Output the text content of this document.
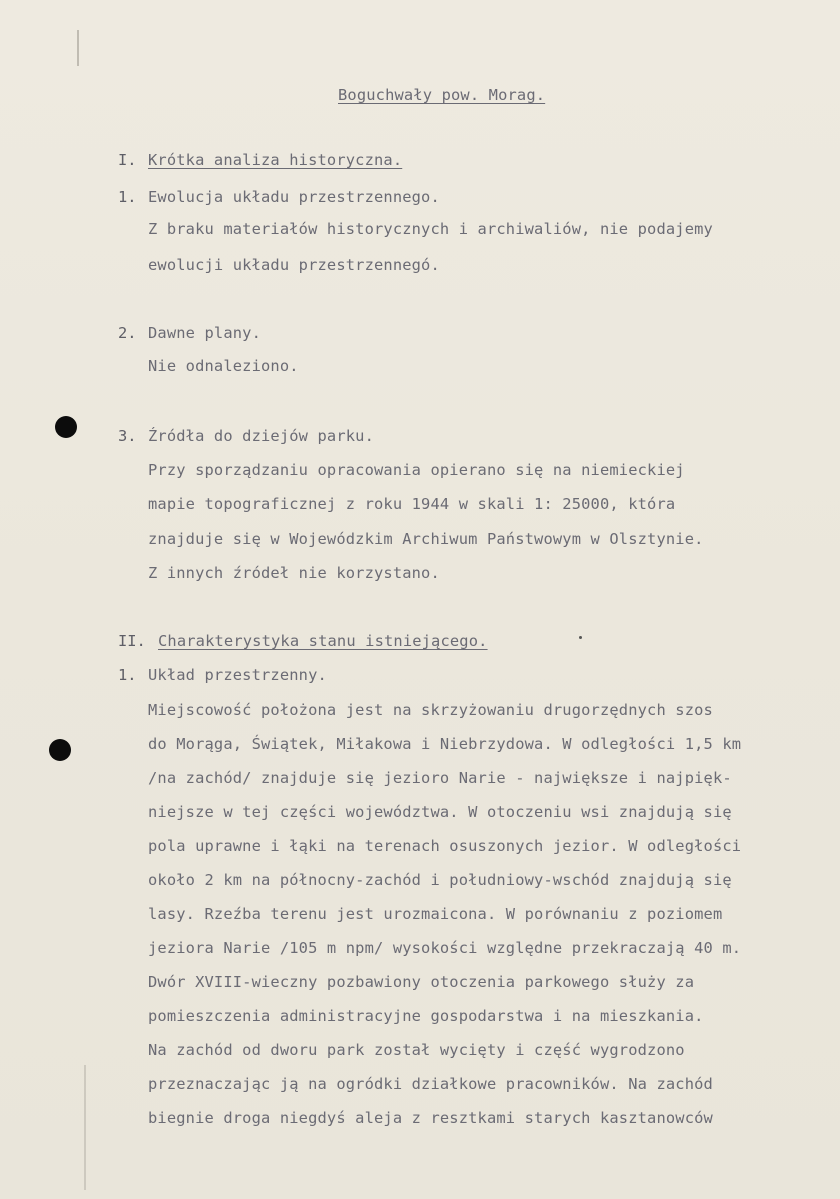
Boguchwały pow. Morag.
I. Krótka analiza historyczna.
1. Ewolucja układu przestrzennego.
Z braku materiałów historycznych i archiwaliów, nie podajemy
ewolucji układu przestrzennegó.
2. Dawne plany.
Nie odnaleziono.
3. Źródła do dziejów parku.
Przy sporządzaniu opracowania opierano się na niemieckiej
mapie topograficznej z roku 1944 w skali 1: 25000, która
znajduje się w Wojewódzkim Archiwum Państwowym w Olsztynie.
Z innych źródeł nie korzystano.
II. Charakterystyka stanu istniejącego.
1. Układ przestrzenny.
Miejscowość położona jest na skrzyżowaniu drugorzędnych szos
do Morąga, Świątek, Miłakowa i Niebrzydowa. W odległości 1,5 km
/na zachód/ znajduje się jezioro Narie - największe i najpięk-
niejsze w tej części województwa. W otoczeniu wsi znajdują się
pola uprawne i łąki na terenach osuszonych jezior. W odległości
około 2 km na północny-zachód i południowy-wschód znajdują się
lasy. Rzeźba terenu jest urozmaicona. W porównaniu z poziomem
jeziora Narie /105 m npm/ wysokości względne przekraczają 40 m.
Dwór XVIII-wieczny pozbawiony otoczenia parkowego służy za
pomieszczenia administracyjne gospodarstwa i na mieszkania.
Na zachód od dworu park został wycięty i część wygrodzono
przeznaczając ją na ogródki działkowe pracowników. Na zachód
biegnie droga niegdyś aleja z resztkami starych kasztanowców
